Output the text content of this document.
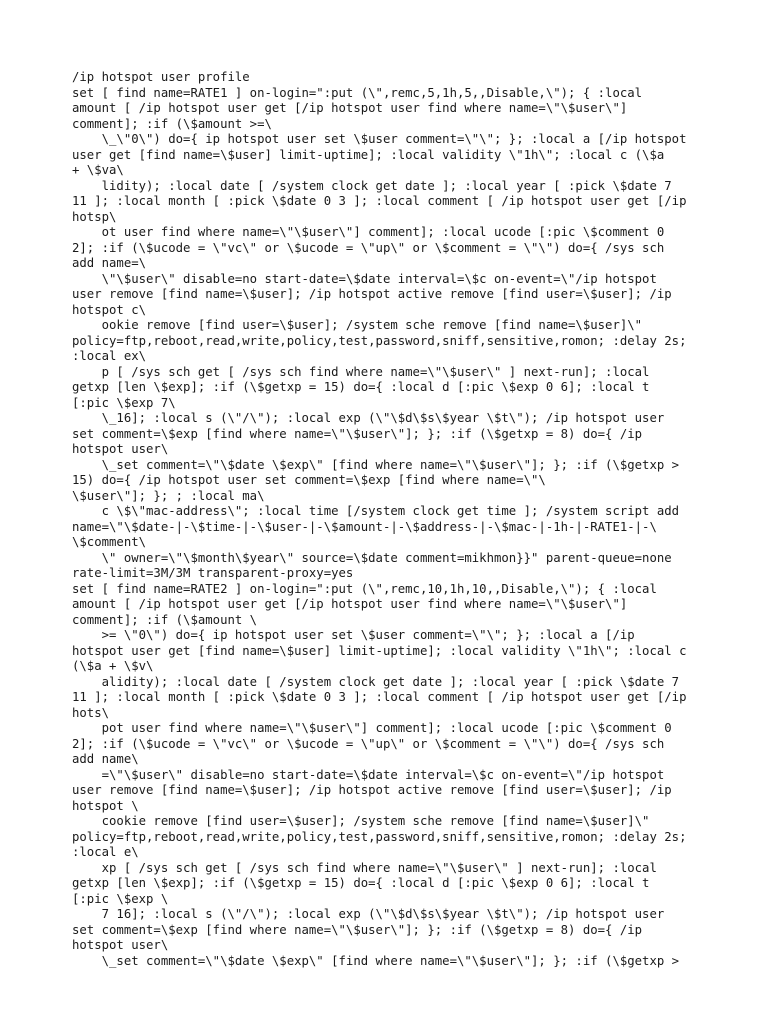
/ip hotspot user profile
set [ find name=RATE1 ] on-login=":put (\",remc,5,1h,5,,Disable,\"); { :local
amount [ /ip hotspot user get [/ip hotspot user find where name=\"\$user\"]
comment]; :if (\$amount >=\
\_\"0\") do={ ip hotspot user set \$user comment=\"\"; }; :local a [/ip hotspot
user get [find name=\$user] limit-uptime]; :local validity \"1h\"; :local c (\$a
+ \$va\
lidity); :local date [ /system clock get date ]; :local year [ :pick \$date 7
11 ]; :local month [ :pick \$date 0 3 ]; :local comment [ /ip hotspot user get [/ip
hotsp\
ot user find where name=\"\$user\"] comment]; :local ucode [:pic \$comment 0
2]; :if (\$ucode = \"vc\" or \$ucode = \"up\" or \$comment = \"\") do={ /sys sch
add name=\
\"\$user\" disable=no start-date=\$date interval=\$c on-event=\"/ip hotspot
user remove [find name=\$user]; /ip hotspot active remove [find user=\$user]; /ip
hotspot c\
ookie remove [find user=\$user]; /system sche remove [find name=\$user]\"
policy=ftp,reboot,read,write,policy,test,password,sniff,sensitive,romon; :delay 2s;
:local ex\
p [ /sys sch get [ /sys sch find where name=\"\$user\" ] next-run]; :local
getxp [len \$exp]; :if (\$getxp = 15) do={ :local d [:pic \$exp 0 6]; :local t
[:pic \$exp 7\
\_16]; :local s (\"/\"); :local exp (\"\$d\$s\$year \$t\"); /ip hotspot user
set comment=\$exp [find where name=\"\$user\"]; }; :if (\$getxp = 8) do={ /ip
hotspot user\
\_set comment=\"\$date \$exp\" [find where name=\"\$user\"]; }; :if (\$getxp >
15) do={ /ip hotspot user set comment=\$exp [find where name=\"\
\$user\"]; }; ; :local ma\
c \$\"mac-address\"; :local time [/system clock get time ]; /system script add
name=\"\$date-|-\$time-|-\$user-|-\$amount-|-\$address-|-\$mac-|-1h-|-RATE1-|-\
\$comment\
\" owner=\"\$month\$year\" source=\$date comment=mikhmon}}" parent-queue=none
rate-limit=3M/3M transparent-proxy=yes
set [ find name=RATE2 ] on-login=":put (\",remc,10,1h,10,,Disable,\"); { :local
amount [ /ip hotspot user get [/ip hotspot user find where name=\"\$user\"]
comment]; :if (\$amount \
>= \"0\") do={ ip hotspot user set \$user comment=\"\"; }; :local a [/ip
hotspot user get [find name=\$user] limit-uptime]; :local validity \"1h\"; :local c
(\$a + \$v\
alidity); :local date [ /system clock get date ]; :local year [ :pick \$date 7
11 ]; :local month [ :pick \$date 0 3 ]; :local comment [ /ip hotspot user get [/ip
hots\
pot user find where name=\"\$user\"] comment]; :local ucode [:pic \$comment 0
2]; :if (\$ucode = \"vc\" or \$ucode = \"up\" or \$comment = \"\") do={ /sys sch
add name\
=\"\$user\" disable=no start-date=\$date interval=\$c on-event=\"/ip hotspot
user remove [find name=\$user]; /ip hotspot active remove [find user=\$user]; /ip
hotspot \
cookie remove [find user=\$user]; /system sche remove [find name=\$user]\"
policy=ftp,reboot,read,write,policy,test,password,sniff,sensitive,romon; :delay 2s;
:local e\
xp [ /sys sch get [ /sys sch find where name=\"\$user\" ] next-run]; :local
getxp [len \$exp]; :if (\$getxp = 15) do={ :local d [:pic \$exp 0 6]; :local t
[:pic \$exp \
7 16]; :local s (\"/\"); :local exp (\"\$d\$s\$year \$t\"); /ip hotspot user
set comment=\$exp [find where name=\"\$user\"]; }; :if (\$getxp = 8) do={ /ip
hotspot user\
\_set comment=\"\$date \$exp\" [find where name=\"\$user\"]; }; :if (\$getxp >
